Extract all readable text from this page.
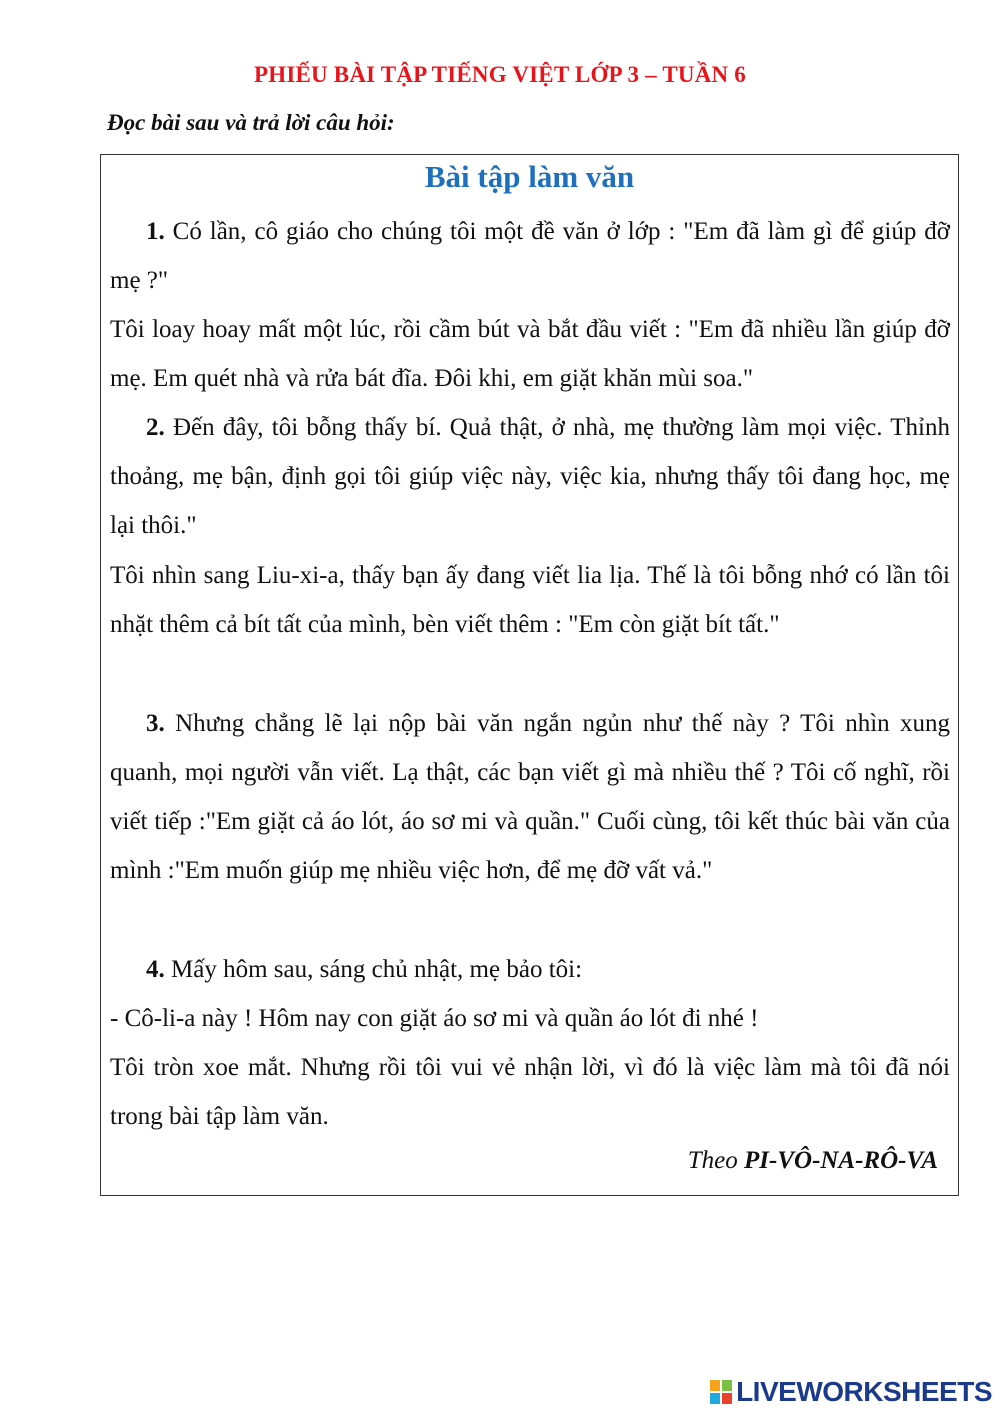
PHIẾU BÀI TẬP TIẾNG VIỆT LỚP 3 – TUẦN 6
Đọc bài sau và trả lời câu hỏi:
Bài tập làm văn

1. Có lần, cô giáo cho chúng tôi một đề văn ở lớp : "Em đã làm gì để giúp đỡ mẹ ?"

Tôi loay hoay mất một lúc, rồi cầm bút và bắt đầu viết : "Em đã nhiều lần giúp đỡ mẹ. Em quét nhà và rửa bát đĩa. Đôi khi, em giặt khăn mùi soa."

2. Đến đây, tôi bỗng thấy bí. Quả thật, ở nhà, mẹ thường làm mọi việc. Thỉnh thoảng, mẹ bận, định gọi tôi giúp việc này, việc kia, nhưng thấy tôi đang học, mẹ lại thôi."

Tôi nhìn sang Liu-xi-a, thấy bạn ấy đang viết lia lịa. Thế là tôi bỗng nhớ có lần tôi nhặt thêm cả bít tất của mình, bèn viết thêm : "Em còn giặt bít tất."

3. Nhưng chẳng lẽ lại nộp bài văn ngắn ngủn như thế này ? Tôi nhìn xung quanh, mọi người vẫn viết. Lạ thật, các bạn viết gì mà nhiều thế ? Tôi cố nghĩ, rồi viết tiếp :"Em giặt cả áo lót, áo sơ mi và quần." Cuối cùng, tôi kết thúc bài văn của mình :"Em muốn giúp mẹ nhiều việc hơn, để mẹ đỡ vất vả."

4. Mấy hôm sau, sáng chủ nhật, mẹ bảo tôi:

- Cô-li-a này ! Hôm nay con giặt áo sơ mi và quần áo lót đi nhé !

Tôi tròn xoe mắt. Nhưng rồi tôi vui vẻ nhận lời, vì đó là việc làm mà tôi đã nói trong bài tập làm văn.

Theo PI-VÔ-NA-RÔ-VA
LIVEWORKSHEETS
